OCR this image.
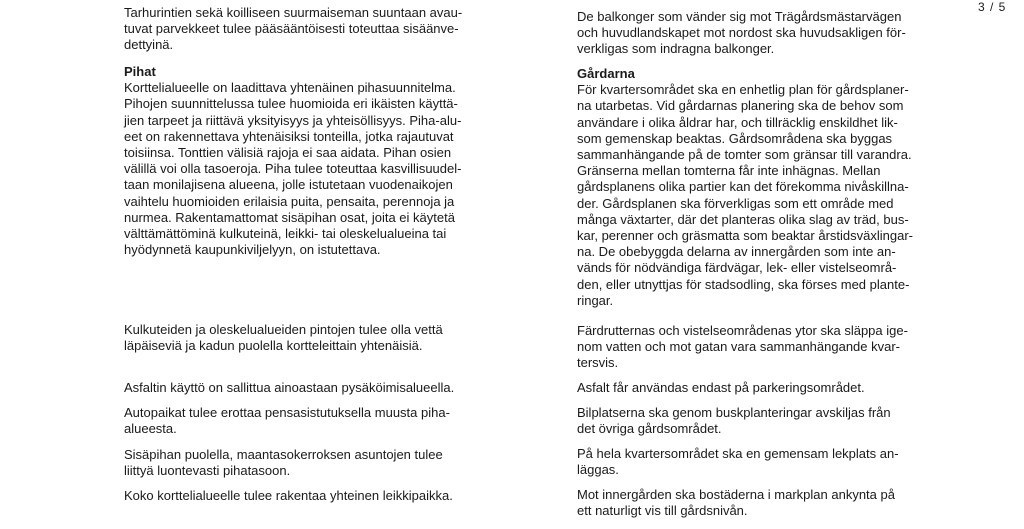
3 / 5
Tarhurintien sekä koilliseen suurmaiseman suuntaan avau-
tuvat parvekkeet tulee pääsääntöisesti toteuttaa sisäänve-
dettyinä.
Pihat
Korttelialueelle on laadittava yhtenäinen pihasuunnitelma.
Pihojen suunnittelussa tulee huomioida eri ikäisten käyttä-
jien tarpeet ja riittävä yksityisyys ja yhteisöllisyys. Piha-alu-
eet on rakennettava yhtenäisiksi tonteilla, jotka rajautuvat
toisiinsa. Tonttien välisiä rajoja ei saa aidata. Pihan osien
välillä voi olla tasoeroja. Piha tulee toteuttaa kasvillisuudel-
taan monilajisena alueena, jolle istutetaan vuodenaikojen
vaihtelu huomioiden erilaisia puita, pensaita, perennoja ja
nurmea. Rakentamattomat sisäpihan osat, joita ei käytetä
välttämättöminä kulkuteinä, leikki- tai oleskelualueina tai
hyödynnetä kaupunkiviljelyyn, on istutettava.
Kulkuteiden ja oleskelualueiden pintojen tulee olla vettä
läpäiseviä ja kadun puolella kortteleittain yhtenäisiä.
Asfaltin käyttö on sallittua ainoastaan pysäköimisalueella.
Autopaikat tulee erottaa pensasistutuksella muusta piha-
alueesta.
Sisäpihan puolella, maantasokerroksen asuntojen tulee
liittyä luontevasti pihatasoon.
Koko korttelialueelle tulee rakentaa yhteinen leikkipaikka.
De balkonger som vänder sig mot Trägårdsmästarvägen
och huvudlandskapet mot nordost ska huvudsakligen för-
verkligas som indragna balkonger.
Gårdarna
För kvartersområdet ska en enhetlig plan för gårdsplaner-
na utarbetas. Vid gårdarnas planering ska de behov som
användare i olika åldrar har, och tillräcklig enskildhet lik-
som gemenskap beaktas. Gårdsområdena ska byggas
sammanhängande på de tomter som gränsar till varandra.
Gränserna mellan tomterna får inte inhägnas. Mellan
gårdsplanens olika partier kan det förekomma nivåskillna-
der. Gårdsplanen ska förverkligas som ett område med
många växtarter, där det planteras olika slag av träd, bus-
kar, perenner och gräsmatta som beaktar årstidsväxlingar-
na. De obebyggda delarna av innergården som inte an-
vänds för nödvändiga färdvägar, lek- eller vistelseområ-
den, eller utnyttjas för stadsodling, ska förses med plante-
ringar.
Färdrutternas och vistelseområdenas ytor ska släppa ige-
nom vatten och mot gatan vara sammanhängande kvar-
tersvis.
Asfalt får användas endast på parkeringsområdet.
Bilplatserna ska genom buskplanteringar avskiljas från
det övriga gårdsområdet.
På hela kvartersområdet ska en gemensam lekplats an-
läggas.
Mot innergården ska bostäderna i markplan ankynta på
ett naturligt vis till gårdsnivån.
